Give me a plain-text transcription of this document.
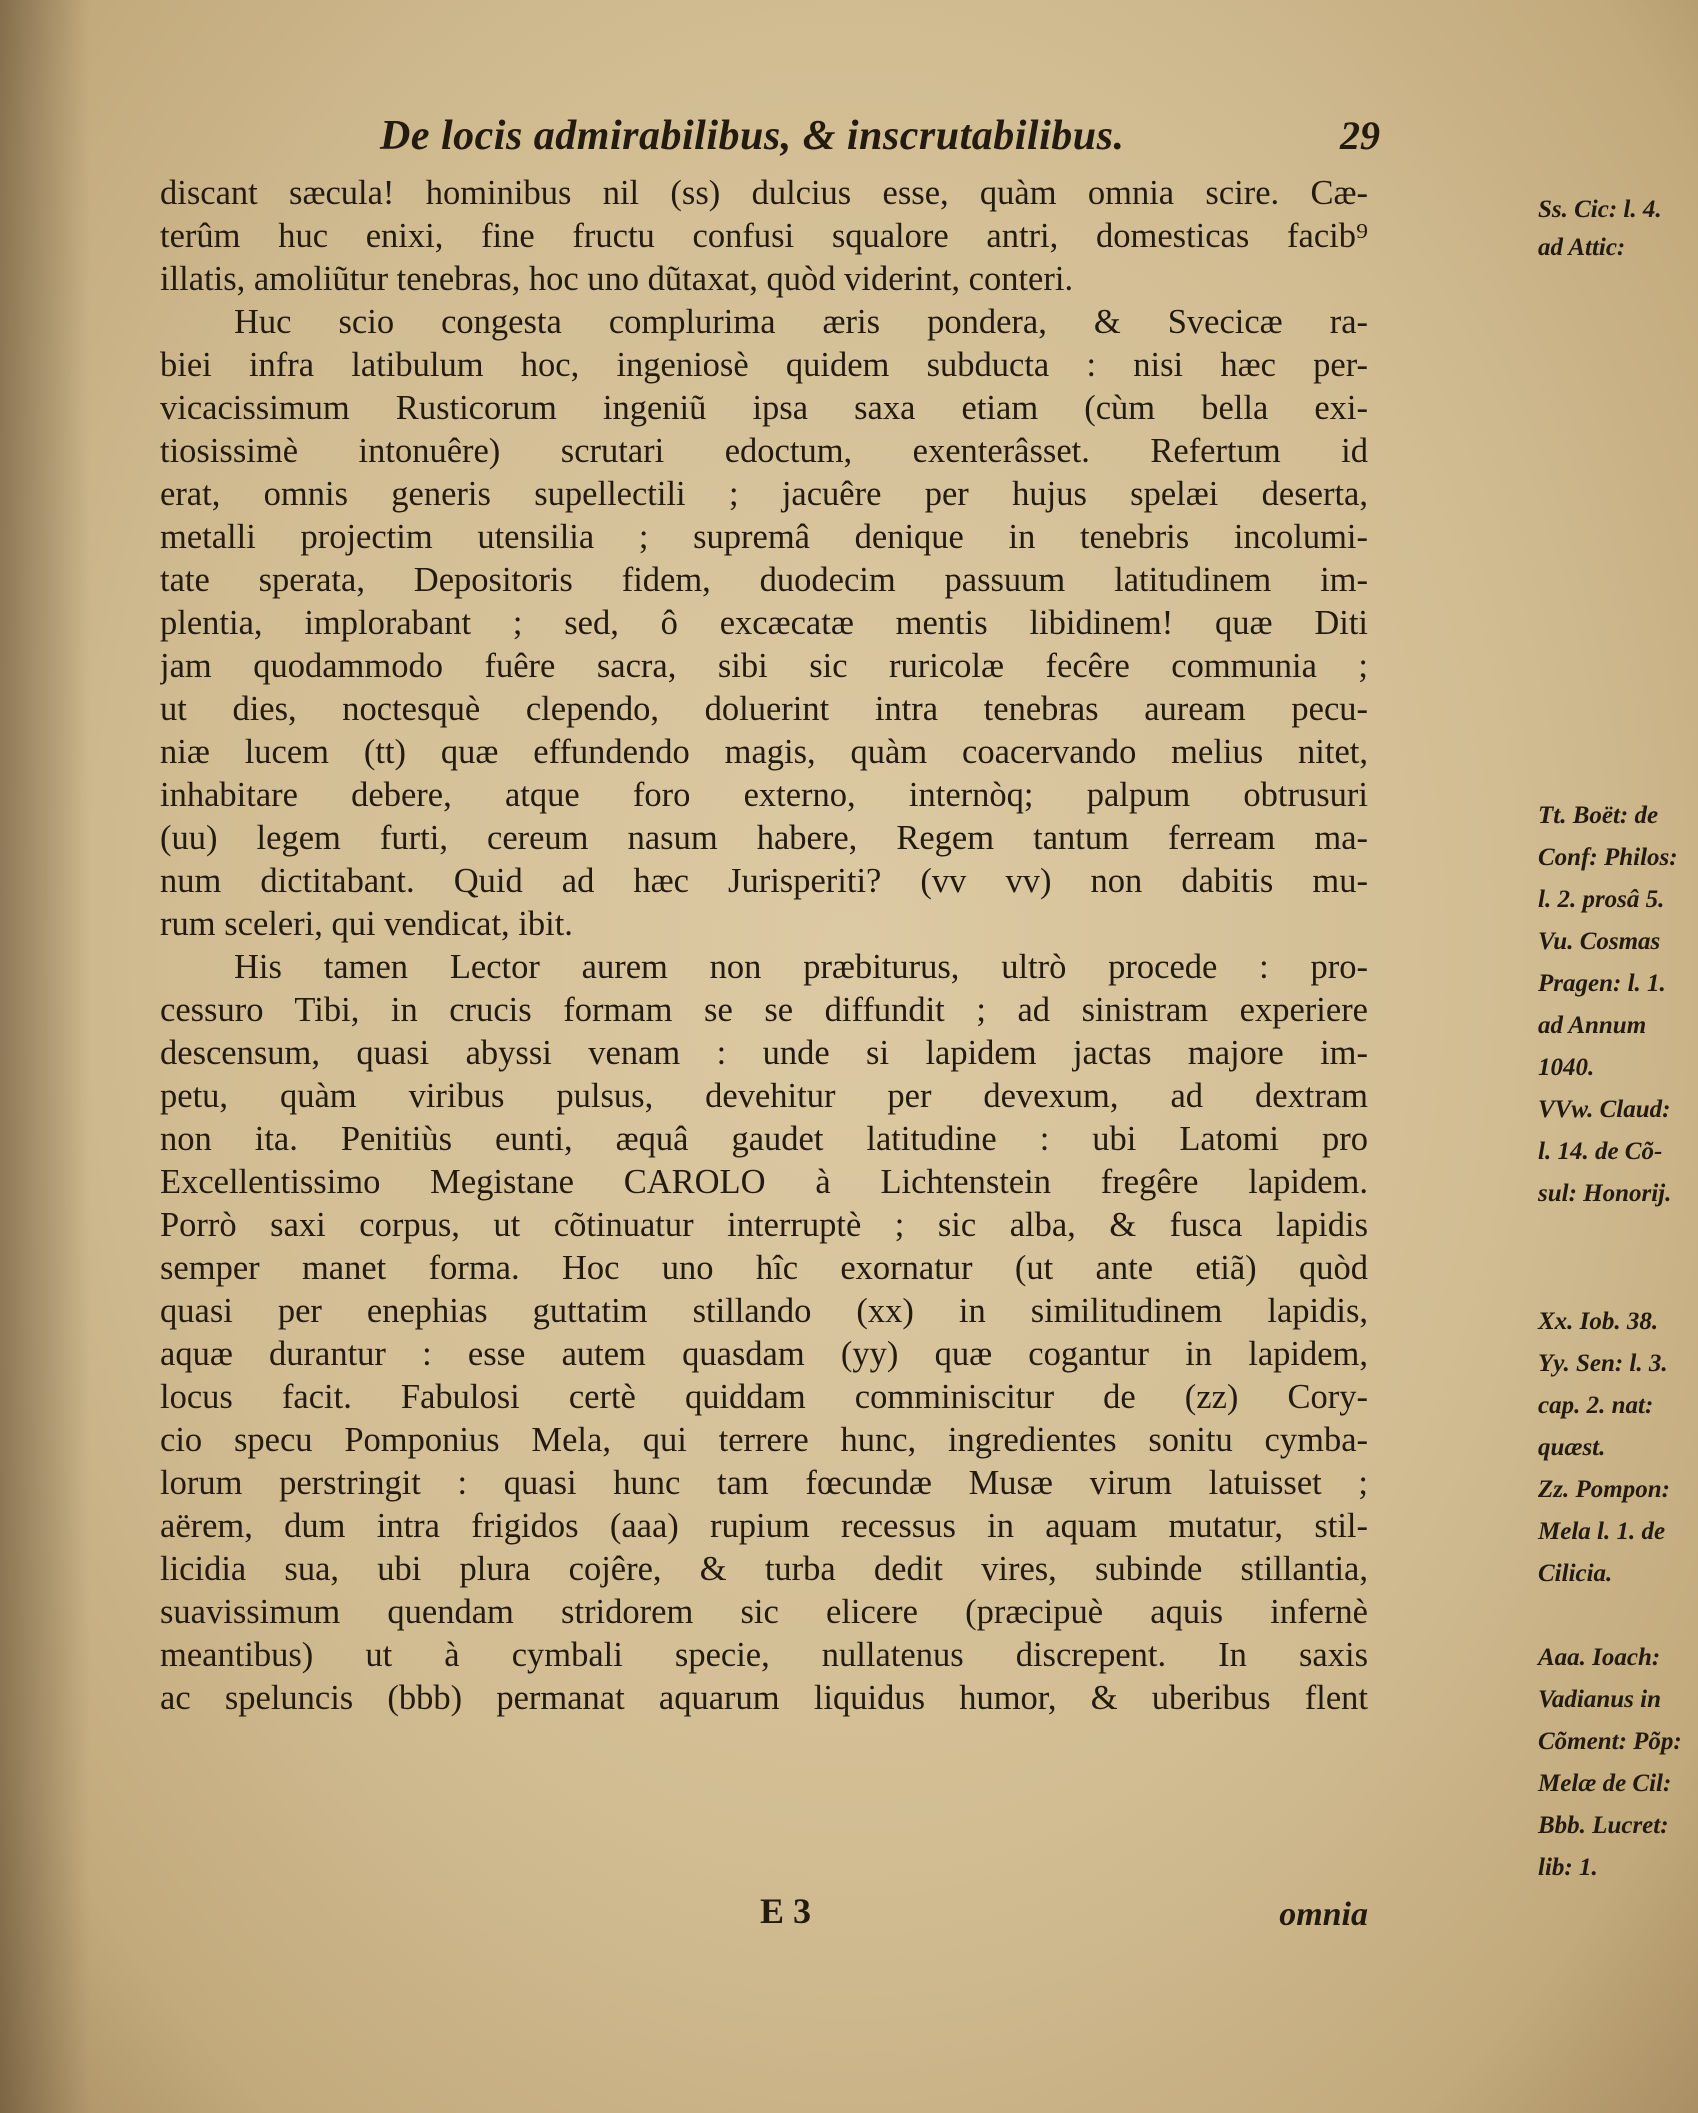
De locis admirabilibus, & inscrutabilibus.	29
discant sæcula! hominibus nil (ss) dulcius esse, quàm omnia scire. Cæ-
terûm huc enixi, fine fructu confusi squalore antri, domesticas facib⁹
illatis, amoliũtur tenebras, hoc uno dũtaxat, quòd viderint, conteri.
Huc scio congesta complurima æris pondera, & Svecicæ ra-
biei infra latibulum hoc, ingeniosè quidem subducta : nisi hæc per-
vicacissimum Rusticorum ingeniũ ipsa saxa etiam (cùm bella exi-
tiosissimè intonuêre) scrutari edoctum, exenterâsset. Refertum id
erat, omnis generis supellectili ; jacuêre per hujus spelæi deserta,
metalli projectim utensilia ; supremâ denique in tenebris incolumi-
tate sperata, Depositoris fidem, duodecim passuum latitudinem im-
plentia, implorabant ; sed, ô excæcatæ mentis libidinem! quæ Diti
jam quodammodo fuêre sacra, sibi sic ruricolæ fecêre communia ;
ut dies, noctesquè clependo, doluerint intra tenebras auream pecu-
niæ lucem (tt) quæ effundendo magis, quàm coacervando melius nitet,
inhabitare debere, atque foro externo, internòq; palpum obtrusuri
(uu) legem furti, cereum nasum habere, Regem tantum ferream ma-
num dictitabant. Quid ad hæc Jurisperiti? (vv vv) non dabitis mu-
rum sceleri, qui vendicat, ibit.
His tamen Lector aurem non præbiturus, ultrò procede : pro-
cessuro Tibi, in crucis formam se se diffundit ; ad sinistram experiere
descensum, quasi abyssi venam : unde si lapidem jactas majore im-
petu, quàm viribus pulsus, devehitur per devexum, ad dextram
non ita. Penitiùs eunti, æquâ gaudet latitudine : ubi Latomi pro
Excellentissimo Megistane CAROLO à Lichtenstein fregêre lapidem.
Porrò saxi corpus, ut cõtinuatur interruptè ; sic alba, & fusca lapidis
semper manet forma. Hoc uno hîc exornatur (ut ante etiã) quòd
quasi per enephias guttatim stillando (xx) in similitudinem lapidis,
aquæ durantur : esse autem quasdam (yy) quæ cogantur in lapidem,
locus facit. Fabulosi certè quiddam comminiscitur de (zz) Cory-
cio specu Pomponius Mela, qui terrere hunc, ingredientes sonitu cymba-
lorum perstringit : quasi hunc tam fœcundæ Musæ virum latuisset ;
aërem, dum intra frigidos (aaa) rupium recessus in aquam mutatur, stil-
licidia sua, ubi plura cojêre, & turba dedit vires, subinde stillantia,
suavissimum quendam stridorem sic elicere (præcipuè aquis infernè
meantibus) ut à cymbali specie, nullatenus discrepent. In saxis
ac speluncis (bbb) permanat aquarum liquidus humor, & uberibus flent
Ss. Cic: l. 4.
ad Attic:
Tt. Boët: de
Conf: Philos:
l. 2. prosâ 5.
Vu. Cosmas
Pragen: l. 1.
ad Annum
1040.
VVw. Claud:
l. 14. de Cõ-
sul: Honorij.
Xx. Iob. 38.
Yy. Sen: l. 3.
cap. 2. nat:
quæst.
Zz. Pompon:
Mela l. 1. de
Cilicia.
Aaa. Ioach:
Vadianus in
Cõment: Põp:
Melæ de Cil:
Bbb. Lucret:
lib: 1.
E 3	omnia
